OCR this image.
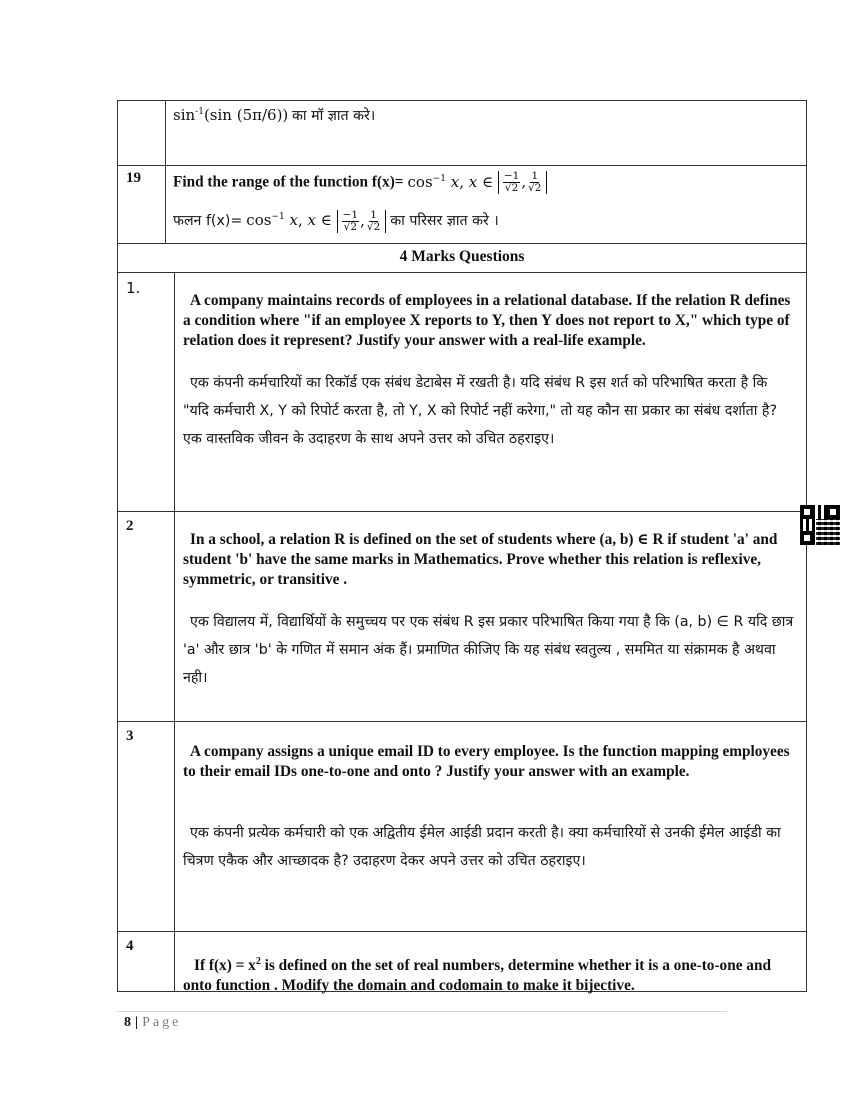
$\sin^{-1}(\sin$ (5π/6)) का मॉ ज्ञात करे।
19 Find the range of the function $f(x)= \cos^{-1} x$, x ∈ $\frac{-1}{√2}$ , $\frac{1}{√2}$
फलन $f(x)= \cos^{-1} x$, x ∈ $\frac{-1}{√2}$ , $\frac{1}{√2}$ का परिसर ज्ञात करे ।
4 Marks Questions
1.

A company maintains records of employees in a relational database. If the relation R defines a condition where "if an employee X reports to Y, then Y does not report to X," which type of relation does it represent? Justify your answer with a real-life example.

एक कंपनी कर्मचारियों का रिकॉर्ड एक संबंध डेटाबेस में रखती है। यदि संबंध R इस शर्त को परिभाषित करता है कि "यदि कर्मचारी X, Y को रिपोर्ट करता है, तो Y, X को रिपोर्ट नहीं करेगा," तो यह कौन सा प्रकार का संबंध दर्शाता है? एक वास्तविक जीवन के उदाहरण के साथ अपने उत्तर को उचित ठहराइए।

2

In a school, a relation R is defined on the set of students where (a, b) ∈ R if student 'a' and student 'b' have the same marks in Mathematics. Prove whether this relation is reflexive, symmetric, or transitive .

एक विद्यालय में, विद्यार्थियों के समुच्चय पर एक संबंध R इस प्रकार परिभाषित किया गया है कि (a, b) ∈ R यदि छात्र 'a' और छात्र 'b' के गणित में समान अंक हैं। प्रमाणित कीजिए कि यह संबंध स्वतुल्य , सममित या संक्रामक है अथवा नही।

3

A company assigns a unique email ID to every employee. Is the function mapping employees to their email IDs one-to-one and onto ? Justify your answer with an example.

एक कंपनी प्रत्येक कर्मचारी को एक अद्वितीय ईमेल आईडी प्रदान करती है। क्या कर्मचारियों से उनकी ईमेल आईडी का चित्रण एकैक और आच्छादक है? उदाहरण देकर अपने उत्तर को उचित ठहराइए।

4

If $f(x) = x^2$ is defined on the set of real numbers, determine whether it is a one-to-one and onto function . Modify the domain and codomain to make it bijective.

8 | Page
